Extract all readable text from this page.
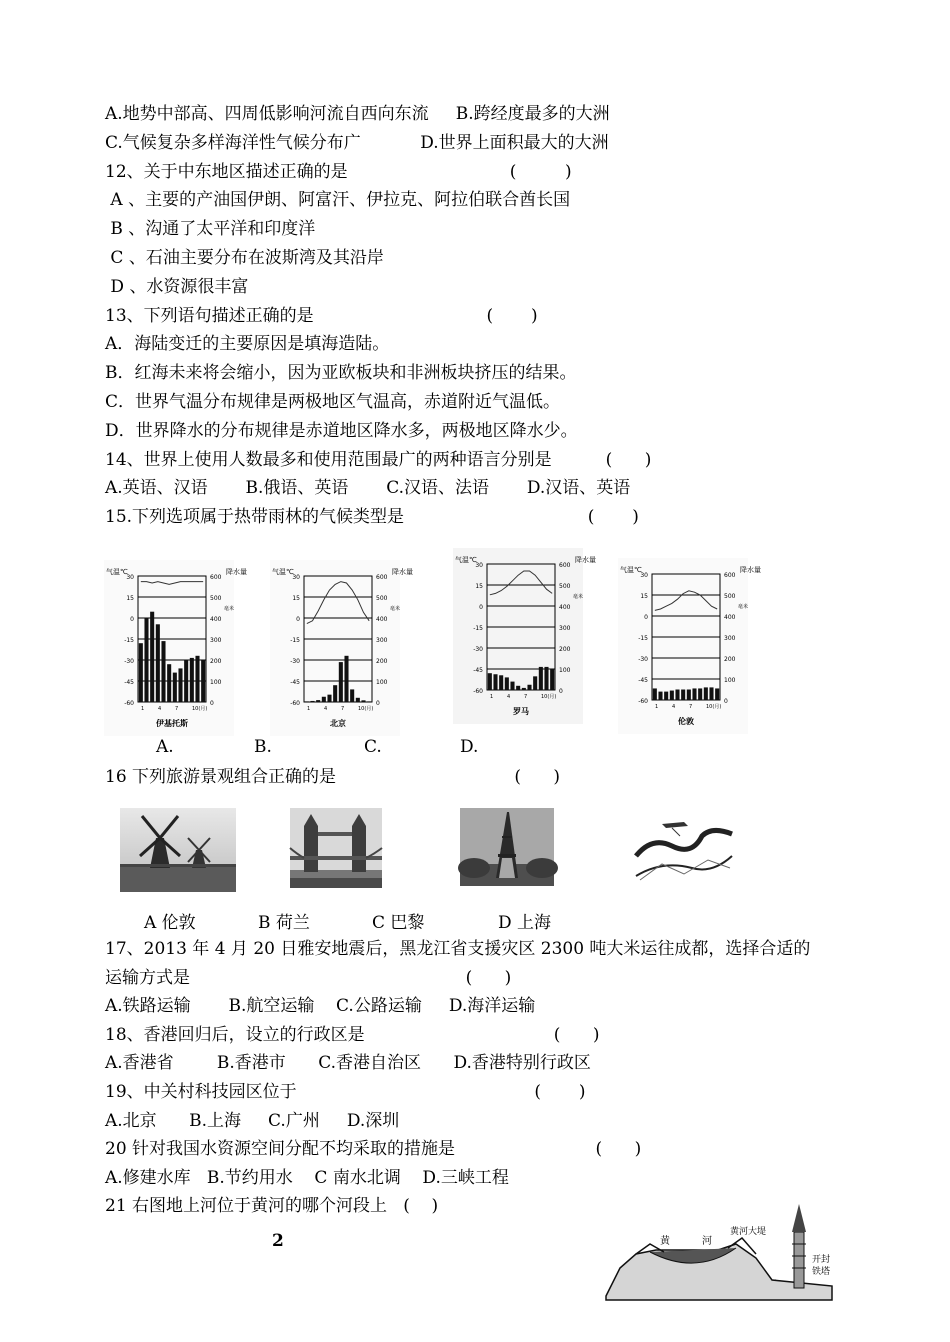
A.地势中部高、四周低影响河流自西向东流     B.跨经度最多的大洲
C.气候复杂多样海洋性气候分布广           D.世界上面积最大的大洲
12、关于中东地区描述正确的是                              (         )
A 、主要的产油国伊朗、阿富汗、伊拉克、阿拉伯联合酋长国
B 、沟通了太平洋和印度洋
C 、石油主要分布在波斯湾及其沿岸
D 、水资源很丰富
13、下列语句描述正确的是                                (       )
A．海陆变迁的主要原因是填海造陆。
B．红海未来将会缩小，因为亚欧板块和非洲板块挤压的结果。
C．世界气温分布规律是两极地区气温高，赤道附近气温低。
D．世界降水的分布规律是赤道地区降水多，两极地区降水少。
14、世界上使用人数最多和使用范围最广的两种语言分别是          (      )
A.英语、汉语       B.俄语、英语       C.汉语、法语       D.汉语、英语
15.下列选项属于热带雨林的气候类型是                                  (       )
气温℃	降水量
毫米
30
15
0
-15
-30
-45
-60
600
500
400
300
200
100
0
1	4	7	10(月)
伊基托斯
气温℃	降水量
毫米
30
15
0
-15
-30
-45
-60
600
500
400
300
200
100
0
1	4	7	10(月)
北京
气温℃	降水量
毫米
30
15
0
-15
-30
-45
-60
600
500
400
300
200
100
0
1	4	7	10(月)
罗马
气温℃	降水量
毫米
30
15
0
-15
-30
-45
-60
600
500
400
300
200
100
0
1	4	7	10(月)
伦敦
A.	B.	C.	D.
16 下列旅游景观组合正确的是                                 (      )
A 伦敦	B 荷兰	C 巴黎	D 上海
17、2013 年 4 月 20 日雅安地震后，黑龙江省支援灾区 2300 吨大米运往成都，选择合适的
运输方式是                                                   (      )
A.铁路运输       B.航空运输    C.公路运输     D.海洋运输
18、香港回归后，设立的行政区是                                   (      )
A.香港省        B.香港市      C.香港自治区      D.香港特别行政区
19、中关村科技园区位于                                            (       )
A.北京      B.上海     C.广州     D.深圳
20 针对我国水资源空间分配不均采取的措施是                          (      )
A.修建水库   B.节约用水    C 南水北调    D.三峡工程
21 右图地上河位于黄河的哪个河段上   (    )
2	黄	河
黄河大堤
开封
铁塔
